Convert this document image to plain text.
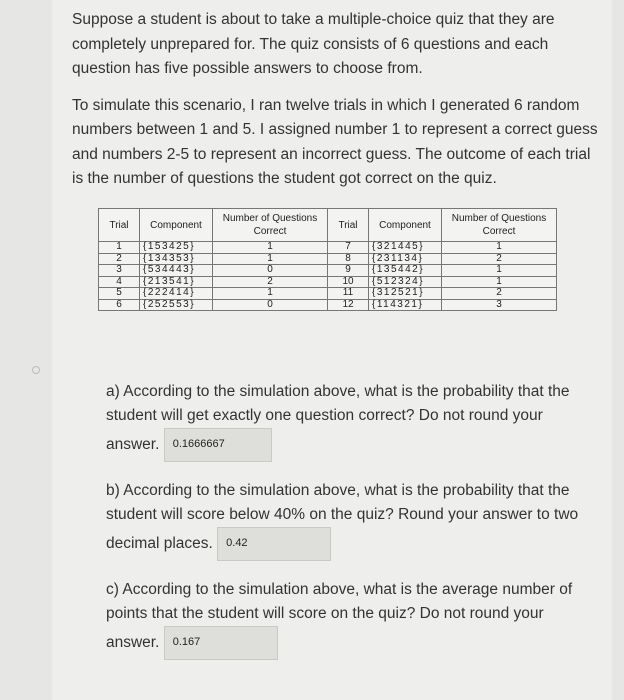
Suppose a student is about to take a multiple-choice quiz that they are completely unprepared for. The quiz consists of 6 questions and each question has five possible answers to choose from.

To simulate this scenario, I ran twelve trials in which I generated 6 random numbers between 1 and 5. I assigned number 1 to represent a correct guess and numbers 2-5 to represent an incorrect guess. The outcome of each trial is the number of questions the student got correct on the quiz.

Trial	Component	Number of Questions Correct	Trial	Component	Number of Questions Correct
1	{153425}	1	7	{321445}	1
2	{134353}	1	8	{231134}	2
3	{534443}	0	9	{135442}	1
4	{213541}	2	10	{512324}	1
5	{222414}	1	11	{312521}	2
6	{252553}	0	12	{114321}	3
a) According to the simulation above, what is the probability that the student will get exactly one question correct? Do not round your answer. 0.1666667
b) According to the simulation above, what is the probability that the student will score below 40% on the quiz? Round your answer to two decimal places. 0.42
c) According to the simulation above, what is the average number of points that the student will score on the quiz? Do not round your answer. 0.167
